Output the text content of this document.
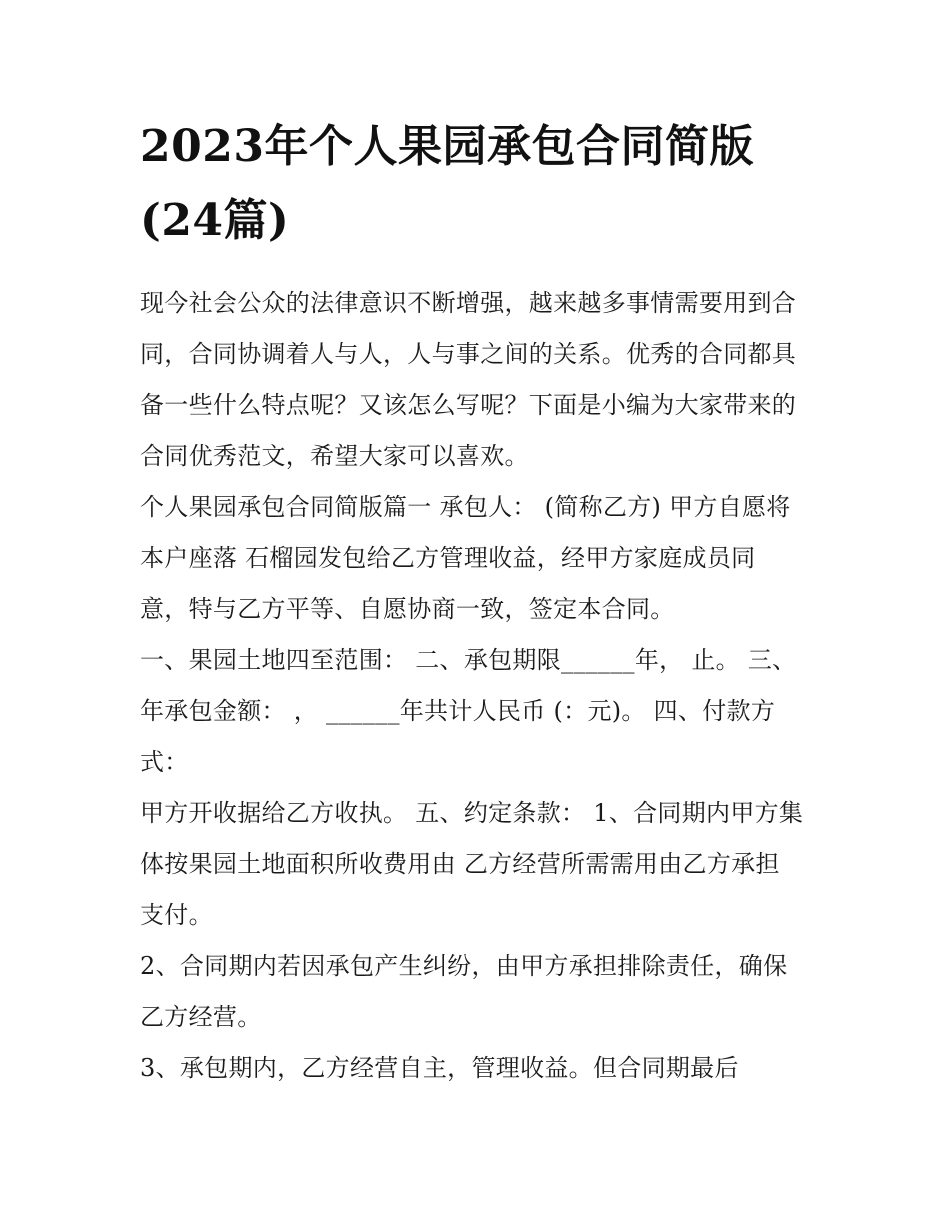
2023年个人果园承包合同简版
(24篇)

现今社会公众的法律意识不断增强，越来越多事情需要用到合

同，合同协调着人与人，人与事之间的关系。优秀的合同都具

备一些什么特点呢？又该怎么写呢？下面是小编为大家带来的

合同优秀范文，希望大家可以喜欢。

个人果园承包合同简版篇一 承包人： (简称乙方) 甲方自愿将

本户座落 石榴园发包给乙方管理收益，经甲方家庭成员同

意，特与乙方平等、自愿协商一致，签定本合同。

一、果园土地四至范围： 二、承包期限______年， 止。 三、

年承包金额： ， ______年共计人民币 (：元)。 四、付款方

式：

甲方开收据给乙方收执。 五、约定条款： 1、合同期内甲方集

体按果园土地面积所收费用由 乙方经营所需需用由乙方承担

支付。

2、合同期内若因承包产生纠纷，由甲方承担排除责任，确保

乙方经营。

3、承包期内，乙方经营自主，管理收益。但合同期最后
